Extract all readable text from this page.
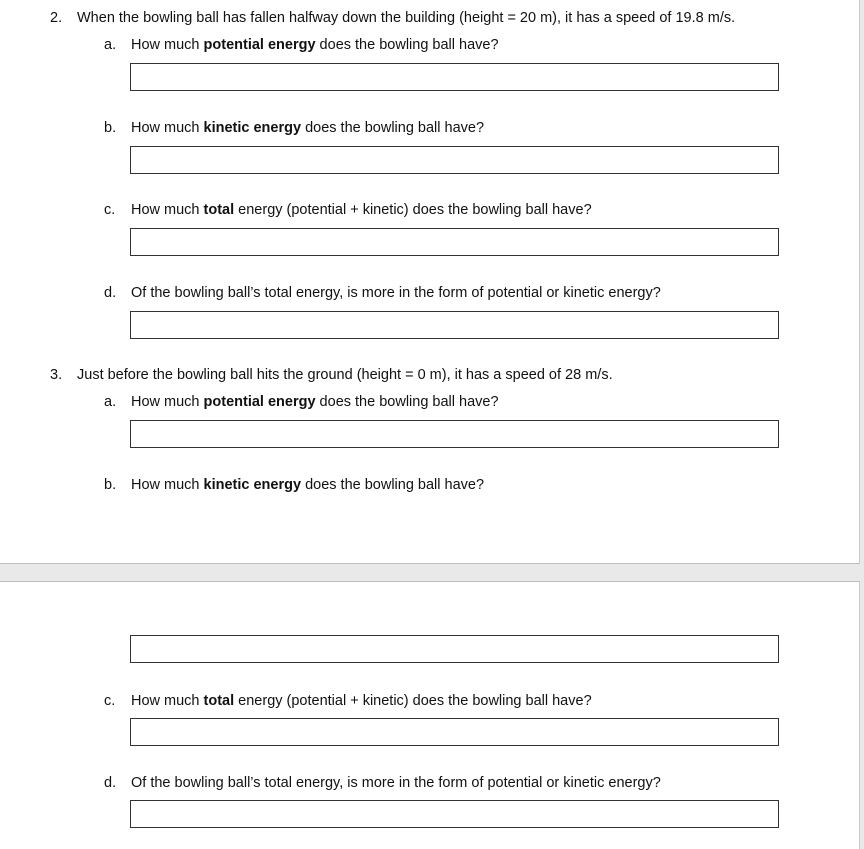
2. When the bowling ball has fallen halfway down the building (height = 20 m), it has a speed of 19.8 m/s.
a. How much potential energy does the bowling ball have?
b. How much kinetic energy does the bowling ball have?
c. How much total energy (potential + kinetic) does the bowling ball have?
d. Of the bowling ball’s total energy, is more in the form of potential or kinetic energy?
3. Just before the bowling ball hits the ground (height = 0 m), it has a speed of 28 m/s.
a. How much potential energy does the bowling ball have?
b. How much kinetic energy does the bowling ball have?
c. How much total energy (potential + kinetic) does the bowling ball have?
d. Of the bowling ball’s total energy, is more in the form of potential or kinetic energy?
